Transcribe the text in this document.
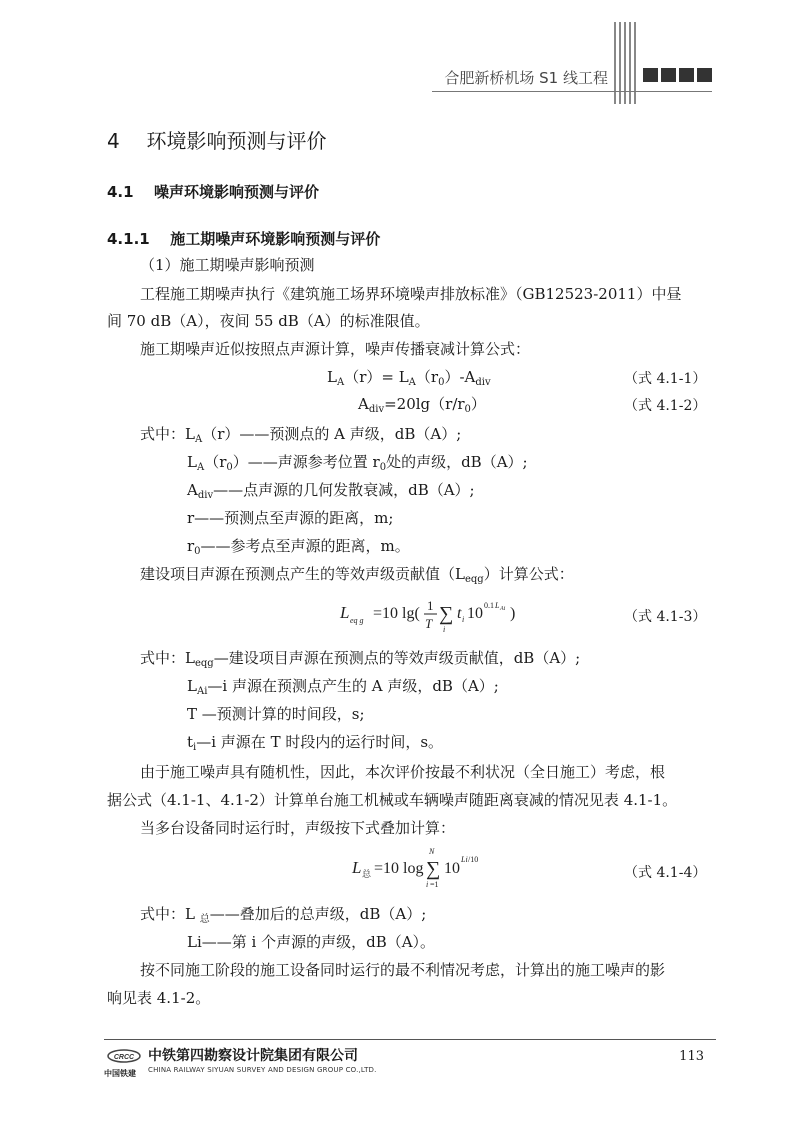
合肥新桥机场 S1 线工程
4 环境影响预测与评价
4.1 噪声环境影响预测与评价
4.1.1 施工期噪声环境影响预测与评价
（1）施工期噪声影响预测
工程施工期噪声执行《建筑施工场界环境噪声排放标准》（GB12523-2011）中昼
间 70 dB（A），夜间 55 dB（A）的标准限值。
施工期噪声近似按照点声源计算，噪声传播衰减计算公式：
$L_A(r)= L_A(r_0)-A_{div}$	（式 4.1-1）
$A_{div}=20\lg(r/r_0)$	（式 4.1-2）
式中：$L_A(r)——$预测点的 A 声级，dB（A）;
$L_A(r_0)——$声源参考位置 $r_0$处的声级，dB（A）;
$A_{div}——$点声源的几何发散衰减，dB（A）;
r——预测点至声源的距离，m;
$r_0——$参考点至声源的距离，m。
建设项目声源在预测点产生的等效声级贡献值$(L_{eqg})$计算公式：
L eq g =10 lg( 1
T ∑
i
t i 10 0.1 L Ai )	（式 4.1-3）
式中：$L_{eqg}—$建设项目声源在预测点的等效声级贡献值，dB（A）;
$L_{Ai}—i$ 声源在预测点产生的 A 声级，dB（A）;
T —预测计算的时间段，s;
$t_i—i$ 声源在 T 时段内的运行时间，s。
由于施工噪声具有随机性，因此，本次评价按最不利状况（全日施工）考虑，根
据公式（4.1-1、4.1-2）计算单台施工机械或车辆噪声随距离衰减的情况见表 4.1-1。
当多台设备同时运行时，声级按下式叠加计算：
L 总 =10 log
N
∑
i =1
10
Li /10
（式 4.1-4）
式中：L $_总$——叠加后的总声级，dB（A）;
Li——第 i 个声源的声级，dB（A）。
按不同施工阶段的施工设备同时运行的最不利情况考虑，计算出的施工噪声的影
响见表 4.1-2。
CRCC
中国铁建
中铁第四勘察设计院集团有限公司
CHINA RAILWAY SIYUAN SURVEY AND DESIGN GROUP CO.,LTD.
113
